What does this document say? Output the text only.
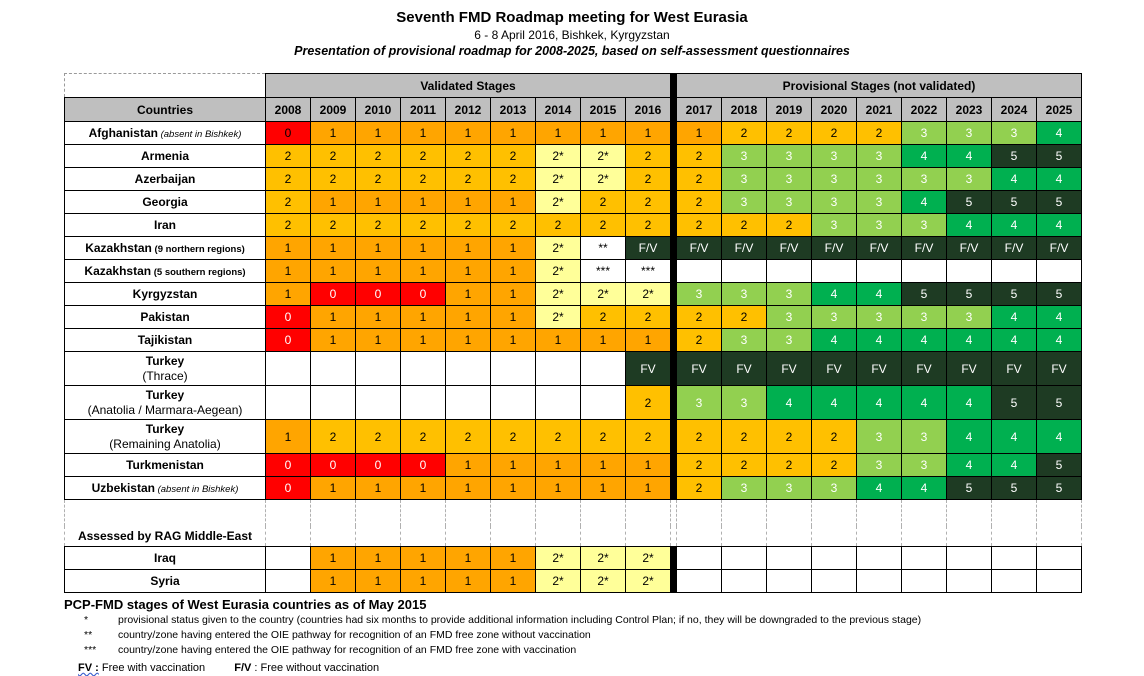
Seventh FMD Roadmap meeting for West Eurasia
6 - 8 April 2016, Bishkek, Kyrgyzstan
Presentation of provisional roadmap for 2008-2025, based on self-assessment questionnaires
	Validated Stages										Provisional Stages (not validated)								
Countries	2008	2009	2010	2011	2012	2013	2014	2015	2016		2017	2018	2019	2020	2021	2022	2023	2024	2025
Afghanistan (absent in Bishkek)	0	1	1	1	1	1	1	1	1		1	2	2	2	2	3	3	3	4
Armenia	2	2	2	2	2	2	2*	2*	2		2	3	3	3	3	4	4	5	5
Azerbaijan	2	2	2	2	2	2	2*	2*	2		2	3	3	3	3	3	3	4	4
Georgia	2	1	1	1	1	1	2*	2	2		2	3	3	3	3	4	5	5	5
Iran	2	2	2	2	2	2	2	2	2		2	2	2	3	3	3	4	4	4
Kazakhstan (9 northern regions)	1	1	1	1	1	1	2*	**	F/V		F/V	F/V	F/V	F/V	F/V	F/V	F/V	F/V	F/V
Kazakhstan (5 southern regions)	1	1	1	1	1	1	2*	***	***										
Kyrgyzstan	1	0	0	0	1	1	2*	2*	2*		3	3	3	4	4	5	5	5	5
Pakistan	0	1	1	1	1	1	2*	2	2		2	2	3	3	3	3	3	4	4
Tajikistan	0	1	1	1	1	1	1	1	1		2	3	3	4	4	4	4	4	4

Turkey
(Thrace)									FV		FV	FV	FV	FV	FV	FV	FV	FV	FV

Turkey
(Anatolia / Marmara-Aegean)									2		3	3	4	4	4	4	4	5	5

Turkey
(Remaining Anatolia)	1	2	2	2	2	2	2	2	2		2	2	2	2	3	3	4	4	4
Turkmenistan	0	0	0	0	1	1	1	1	1		2	2	2	2	3	3	4	4	5
Uzbekistan (absent in Bishkek)	0	1	1	1	1	1	1	1	1		2	3	3	3	4	4	5	5	5

Assessed by RAG Middle-East																			
Iraq		1	1	1	1	1	2*	2*	2*										
Syria		1	1	1	1	1	2*	2*	2*										
PCP-FMD stages of West Eurasia countries as of May 2015
*	provisional status given to the country (countries had six months to provide additional information including Control Plan; if no, they will be downgraded to the previous stage)
**	country/zone having entered the OIE pathway for recognition of an FMD free zone without vaccination
***	country/zone having entered the OIE pathway for recognition of an FMD free zone with vaccination
FV : Free with vaccination	F/V : Free without vaccination
